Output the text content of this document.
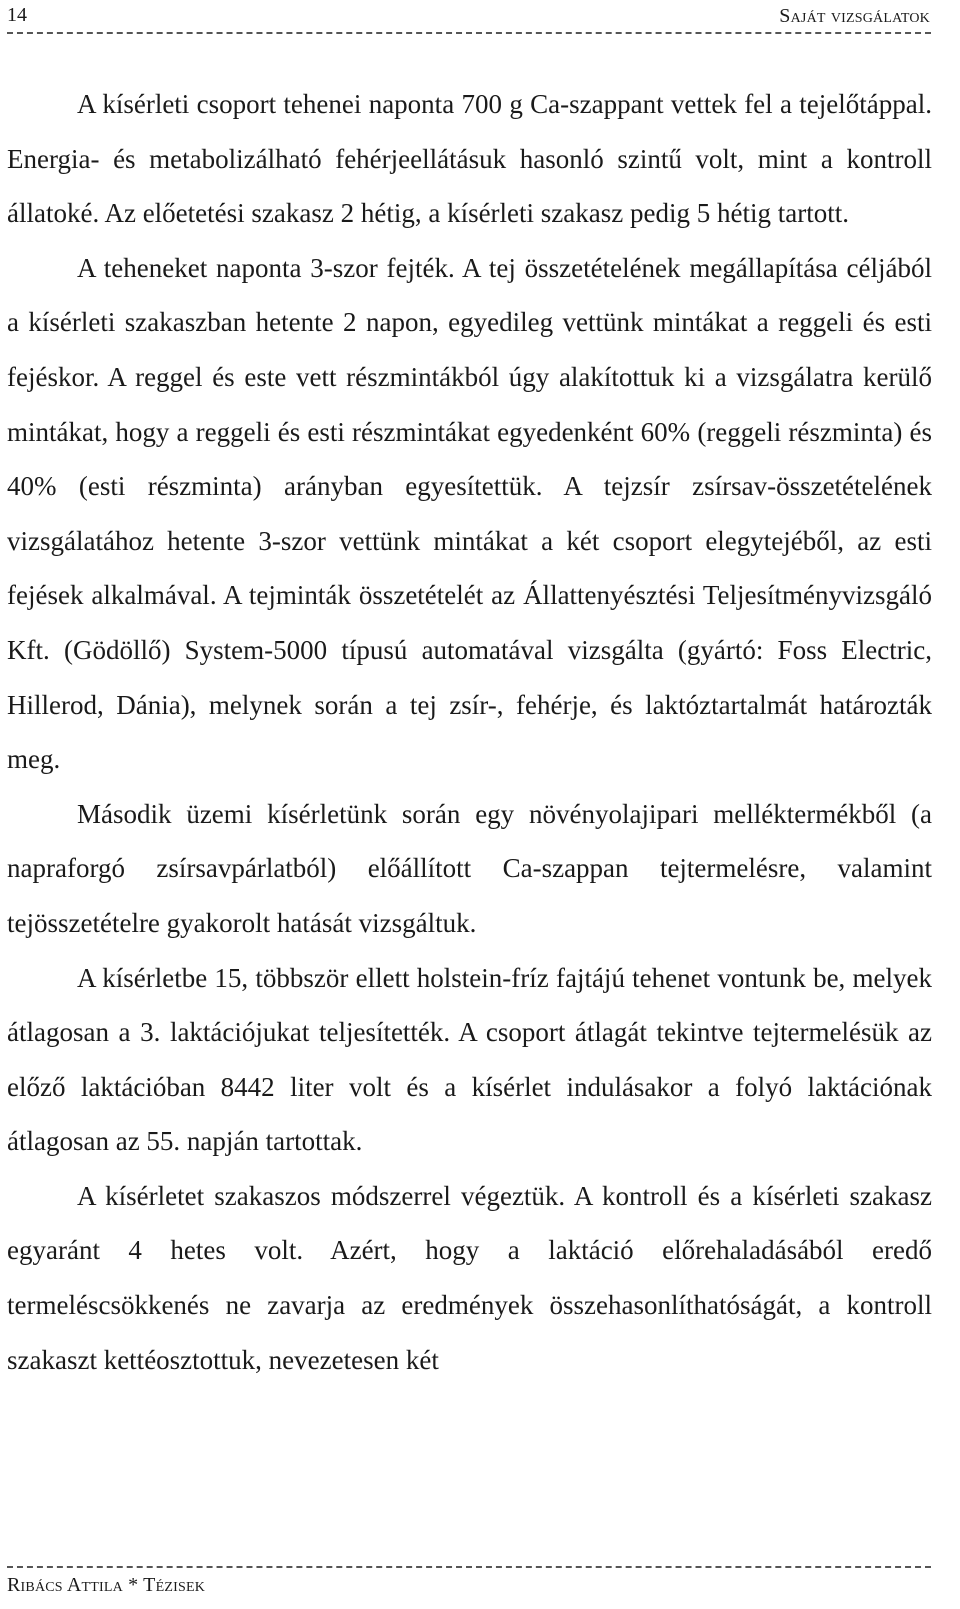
14	Saját vizsgálatok

A kísérleti csoport tehenei naponta 700 g Ca-szappant vettek fel a tejelőtáppal. Energia- és metabolizálható fehérjeellátásuk hasonló szintű volt, mint a kontroll állatoké. Az előetetési szakasz 2 hétig, a kísérleti szakasz pedig 5 hétig tartott.

A teheneket naponta 3-szor fejték. A tej összetételének megállapítása céljából a kísérleti szakaszban hetente 2 napon, egyedileg vettünk mintákat a reggeli és esti fejéskor. A reggel és este vett részmintákból úgy alakítottuk ki a vizsgálatra kerülő mintákat, hogy a reggeli és esti részmintákat egyedenként 60% (reggeli részminta) és 40% (esti részminta) arányban egyesítettük. A tejzsír zsírsav-összetételének vizsgálatához hetente 3-szor vettünk mintákat a két csoport elegytejéből, az esti fejések alkalmával. A tejminták összetételét az Állattenyésztési Teljesítményvizsgáló Kft. (Gödöllő) System-5000 típusú automatával vizsgálta (gyártó: Foss Electric, Hillerod, Dánia), melynek során a tej zsír-, fehérje, és laktóztartalmát határozták meg.

Második üzemi kísérletünk során egy növényolajipari melléktermékből (a napraforgó zsírsavpárlatból) előállított Ca-szappan tejtermelésre, valamint tejösszetételre gyakorolt hatását vizsgáltuk.

A kísérletbe 15, többször ellett holstein-fríz fajtájú tehenet vontunk be, melyek átlagosan a 3. laktációjukat teljesítették. A csoport átlagát tekintve tejtermelésük az előző laktációban 8442 liter volt és a kísérlet indulásakor a folyó laktációnak átlagosan az 55. napján tartottak.

A kísérletet szakaszos módszerrel végeztük. A kontroll és a kísérleti szakasz egyaránt 4 hetes volt. Azért, hogy a laktáció előrehaladásából eredő termeléscsökkenés ne zavarja az eredmények összehasonlíthatóságát, a kontroll szakaszt kettéosztottuk, nevezetesen két

Ribács Attila * Tézisek
